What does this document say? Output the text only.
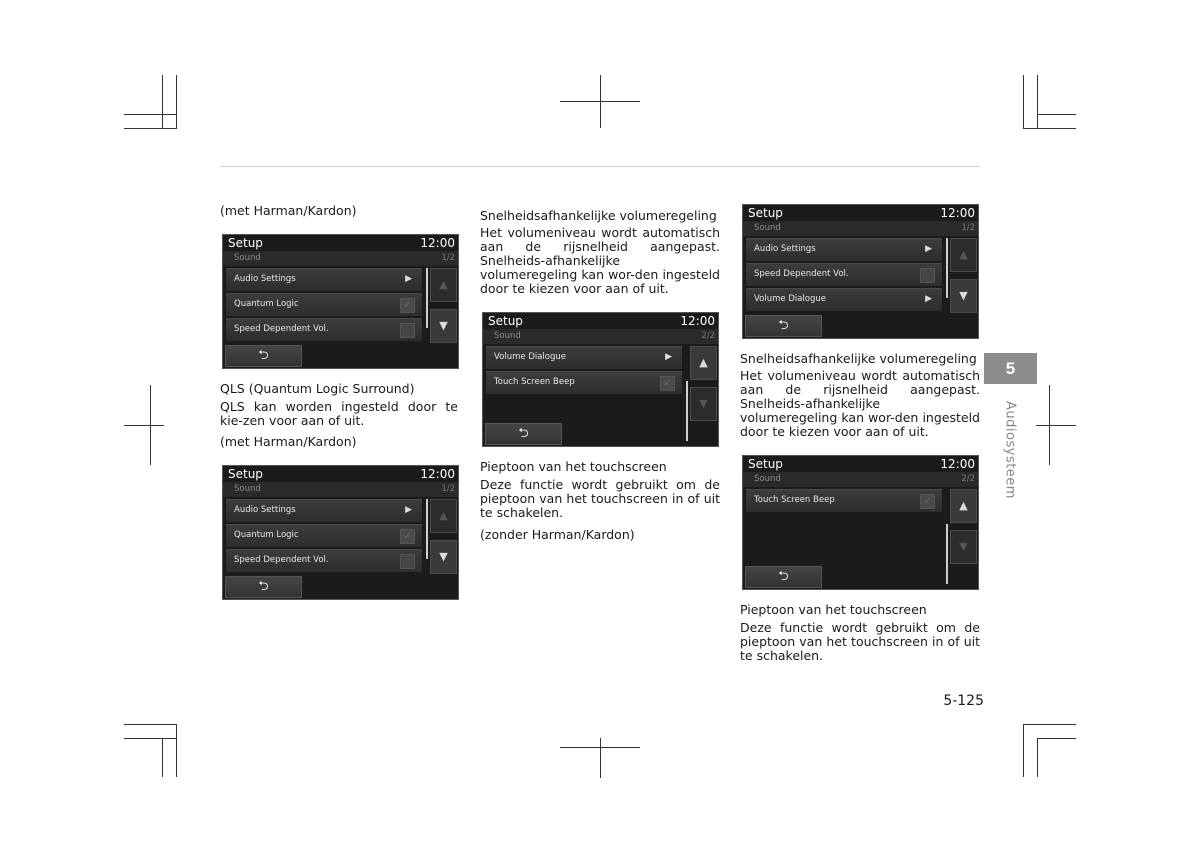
(met Harman/Kardon)
Setup	12:00
Sound	1/2
Audio Settings	▶
Quantum Logic	✓
Speed Dependent Vol.
▲
▼
⮌
QLS (Quantum Logic Surround)
QLS kan worden ingesteld door te kie-zen voor aan of uit.
(met Harman/Kardon)
Setup	12:00
Sound	1/2
Audio Settings	▶
Quantum Logic	✓
Speed Dependent Vol.
▲
▼
⮌
Snelheidsafhankelijke volumeregeling
Het volumeniveau wordt automatisch aan de rijsnelheid aangepast. Snelheids-afhankelijke volumeregeling kan wor-den ingesteld door te kiezen voor aan of uit.
Setup	12:00
Sound	2/2
Volume Dialogue	▶
Touch Screen Beep	✓
▲
▼
⮌
Pieptoon van het touchscreen
Deze functie wordt gebruikt om de pieptoon van het touchscreen in of uit te schakelen.
(zonder Harman/Kardon)
Setup	12:00
Sound	1/2
Audio Settings	▶
Speed Dependent Vol.
Volume Dialogue	▶
▲
▼
⮌
Snelheidsafhankelijke volumeregeling
Het volumeniveau wordt automatisch aan de rijsnelheid aangepast. Snelheids-afhankelijke volumeregeling kan wor-den ingesteld door te kiezen voor aan of uit.
Setup	12:00
Sound	2/2
Touch Screen Beep	✓	▲
▼
⮌
Pieptoon van het touchscreen
Deze functie wordt gebruikt om de pieptoon van het touchscreen in of uit te schakelen.
5
Audiosysteem
5-125
